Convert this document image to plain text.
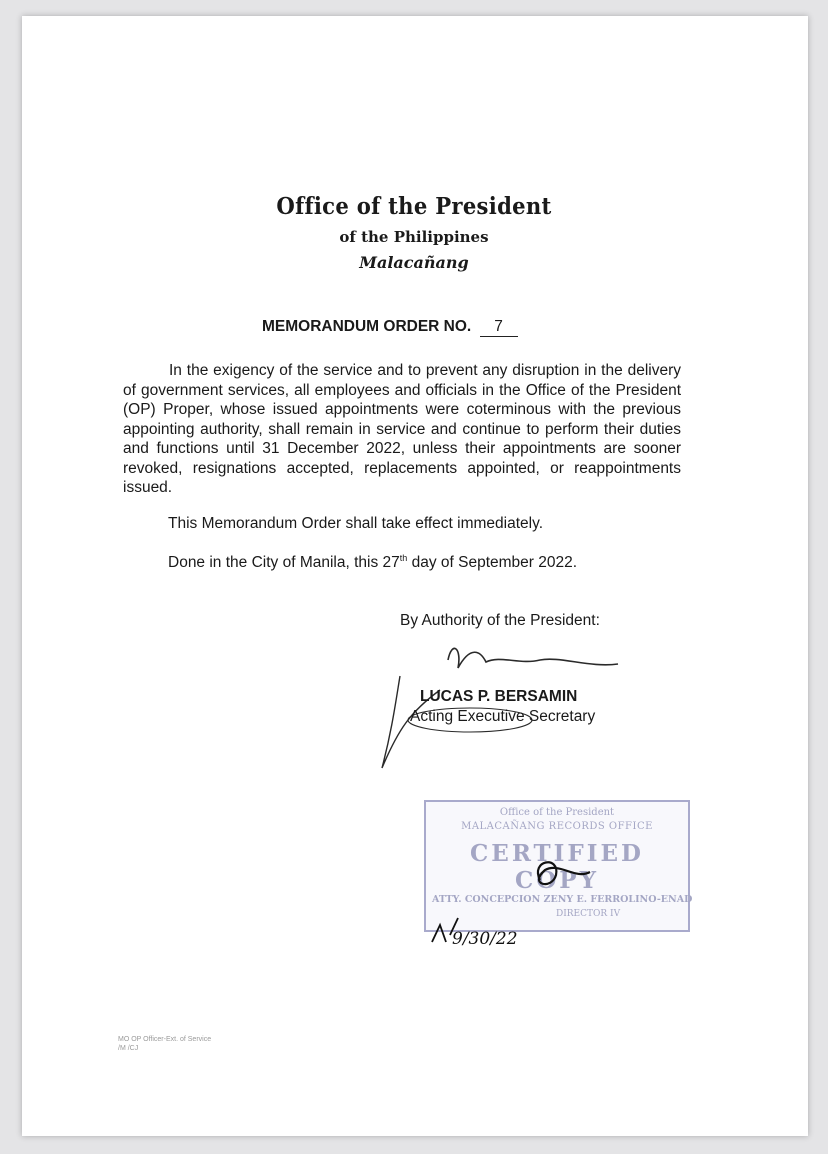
Office of the President
of the Philippines
Malacañang
MEMORANDUM ORDER NO. 7
In the exigency of the service and to prevent any disruption in the delivery of government services, all employees and officials in the Office of the President (OP) Proper, whose issued appointments were coterminous with the previous appointing authority, shall remain in service and continue to perform their duties and functions until 31 December 2022, unless their appointments are sooner revoked, resignations accepted, replacements appointed, or reappointments issued.
This Memorandum Order shall take effect immediately.
Done in the City of Manila, this 27th day of September 2022.
By Authority of the President:
LUCAS P. BERSAMIN
Acting Executive Secretary
Office of the President
MALACAÑANG RECORDS OFFICE
CERTIFIED COPY
ATTY. CONCEPCION ZENY E. FERROLINO-ENAD
DIRECTOR IV
9/30/22
MO OP Officer-Ext. of Service
/M /CJ
